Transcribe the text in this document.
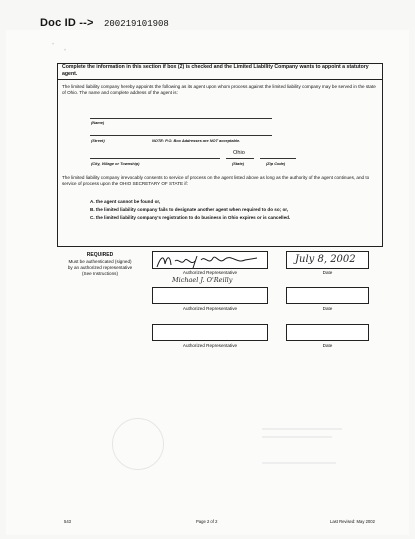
Doc ID --> 200219101908
•
•
Complete the information in this section if box (2) is checked and the Limited Liability Company wants to appoint a statutory agent.
The limited liability company hereby appoints the following as its agent upon whom process against the limited liability company may be served in the state of Ohio. The name and complete address of the agent is:
(Name)
(Street)	NOTE: P.O. Box Addresses are NOT acceptable.
Ohio
(City, Village or Township)	(State)	(Zip Code)
The limited liability company irrevocably consents to service of process on the agent listed above as long as the authority of the agent continues, and to service of process upon the OHIO SECRETARY OF STATE if:
A. the agent cannot be found or,
B. the limited liability company fails to designate another agent when required to do so; or,
C. the limited liability company's registration to do business in Ohio expires or is cancelled.
REQUIRED
Must be authenticated (signed)
by an authorized representative
(See Instructions)	Authorized Representative
Michael J. O'Reilly
July 8, 2002
Date
Authorized Representative	Date
Authorized Representative	Date
543	Page 2 of 2	Last Revised: May 2002
